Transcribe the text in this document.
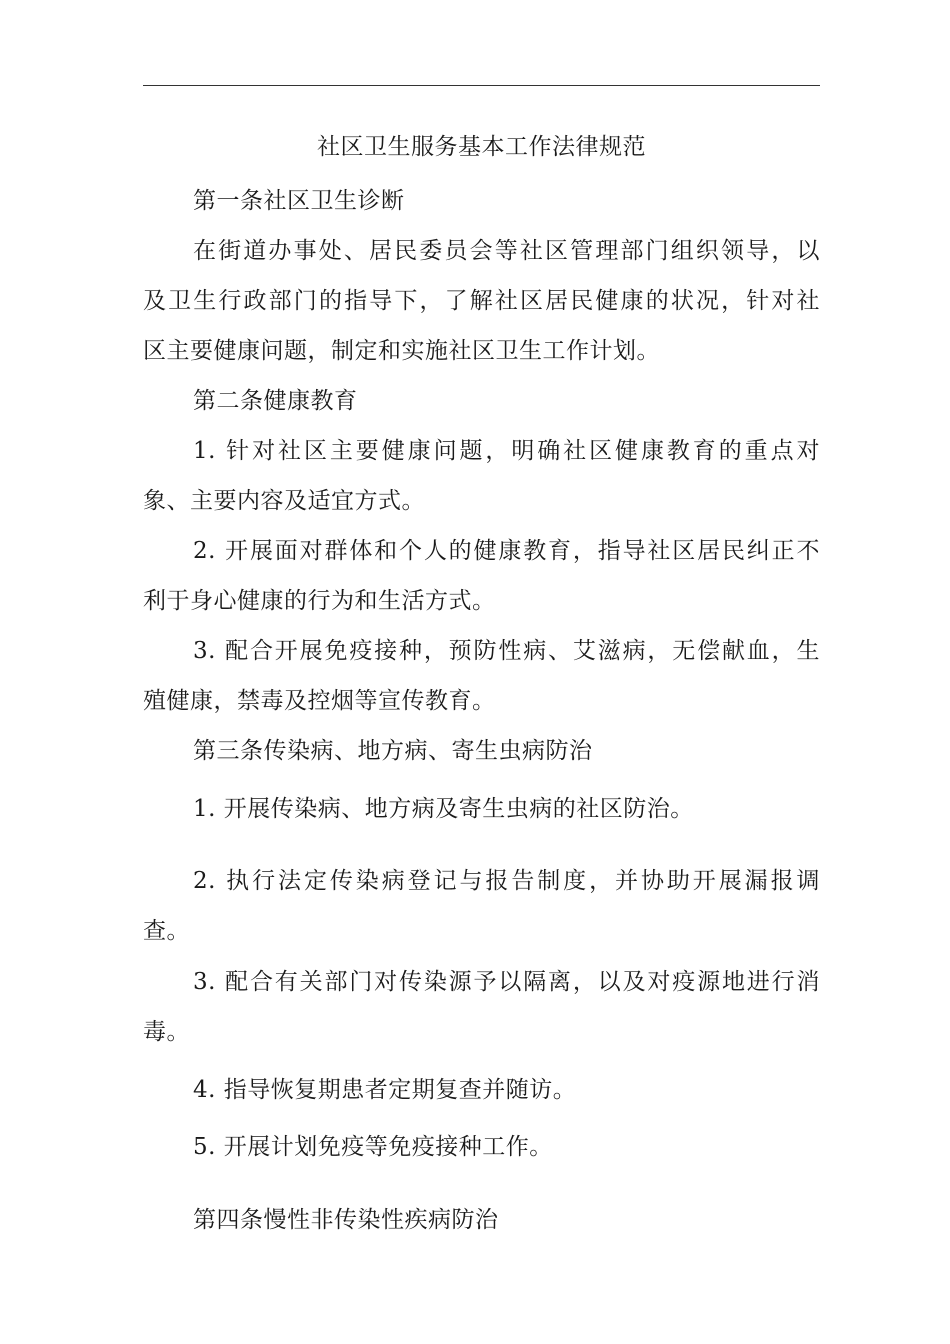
社区卫生服务基本工作法律规范
第一条社区卫生诊断
在街道办事处、居民委员会等社区管理部门组织领导，以
及卫生行政部门的指导下，了解社区居民健康的状况，针对社
区主要健康问题，制定和实施社区卫生工作计划。
第二条健康教育
1. 针对社区主要健康问题，明确社区健康教育的重点对
象、主要内容及适宜方式。
2. 开展面对群体和个人的健康教育，指导社区居民纠正不
利于身心健康的行为和生活方式。
3. 配合开展免疫接种，预防性病、艾滋病，无偿献血，生
殖健康，禁毒及控烟等宣传教育。
第三条传染病、地方病、寄生虫病防治
1. 开展传染病、地方病及寄生虫病的社区防治。
2. 执行法定传染病登记与报告制度，并协助开展漏报调
查。
3. 配合有关部门对传染源予以隔离，以及对疫源地进行消
毒。
4. 指导恢复期患者定期复查并随访。
5. 开展计划免疫等免疫接种工作。
第四条慢性非传染性疾病防治
